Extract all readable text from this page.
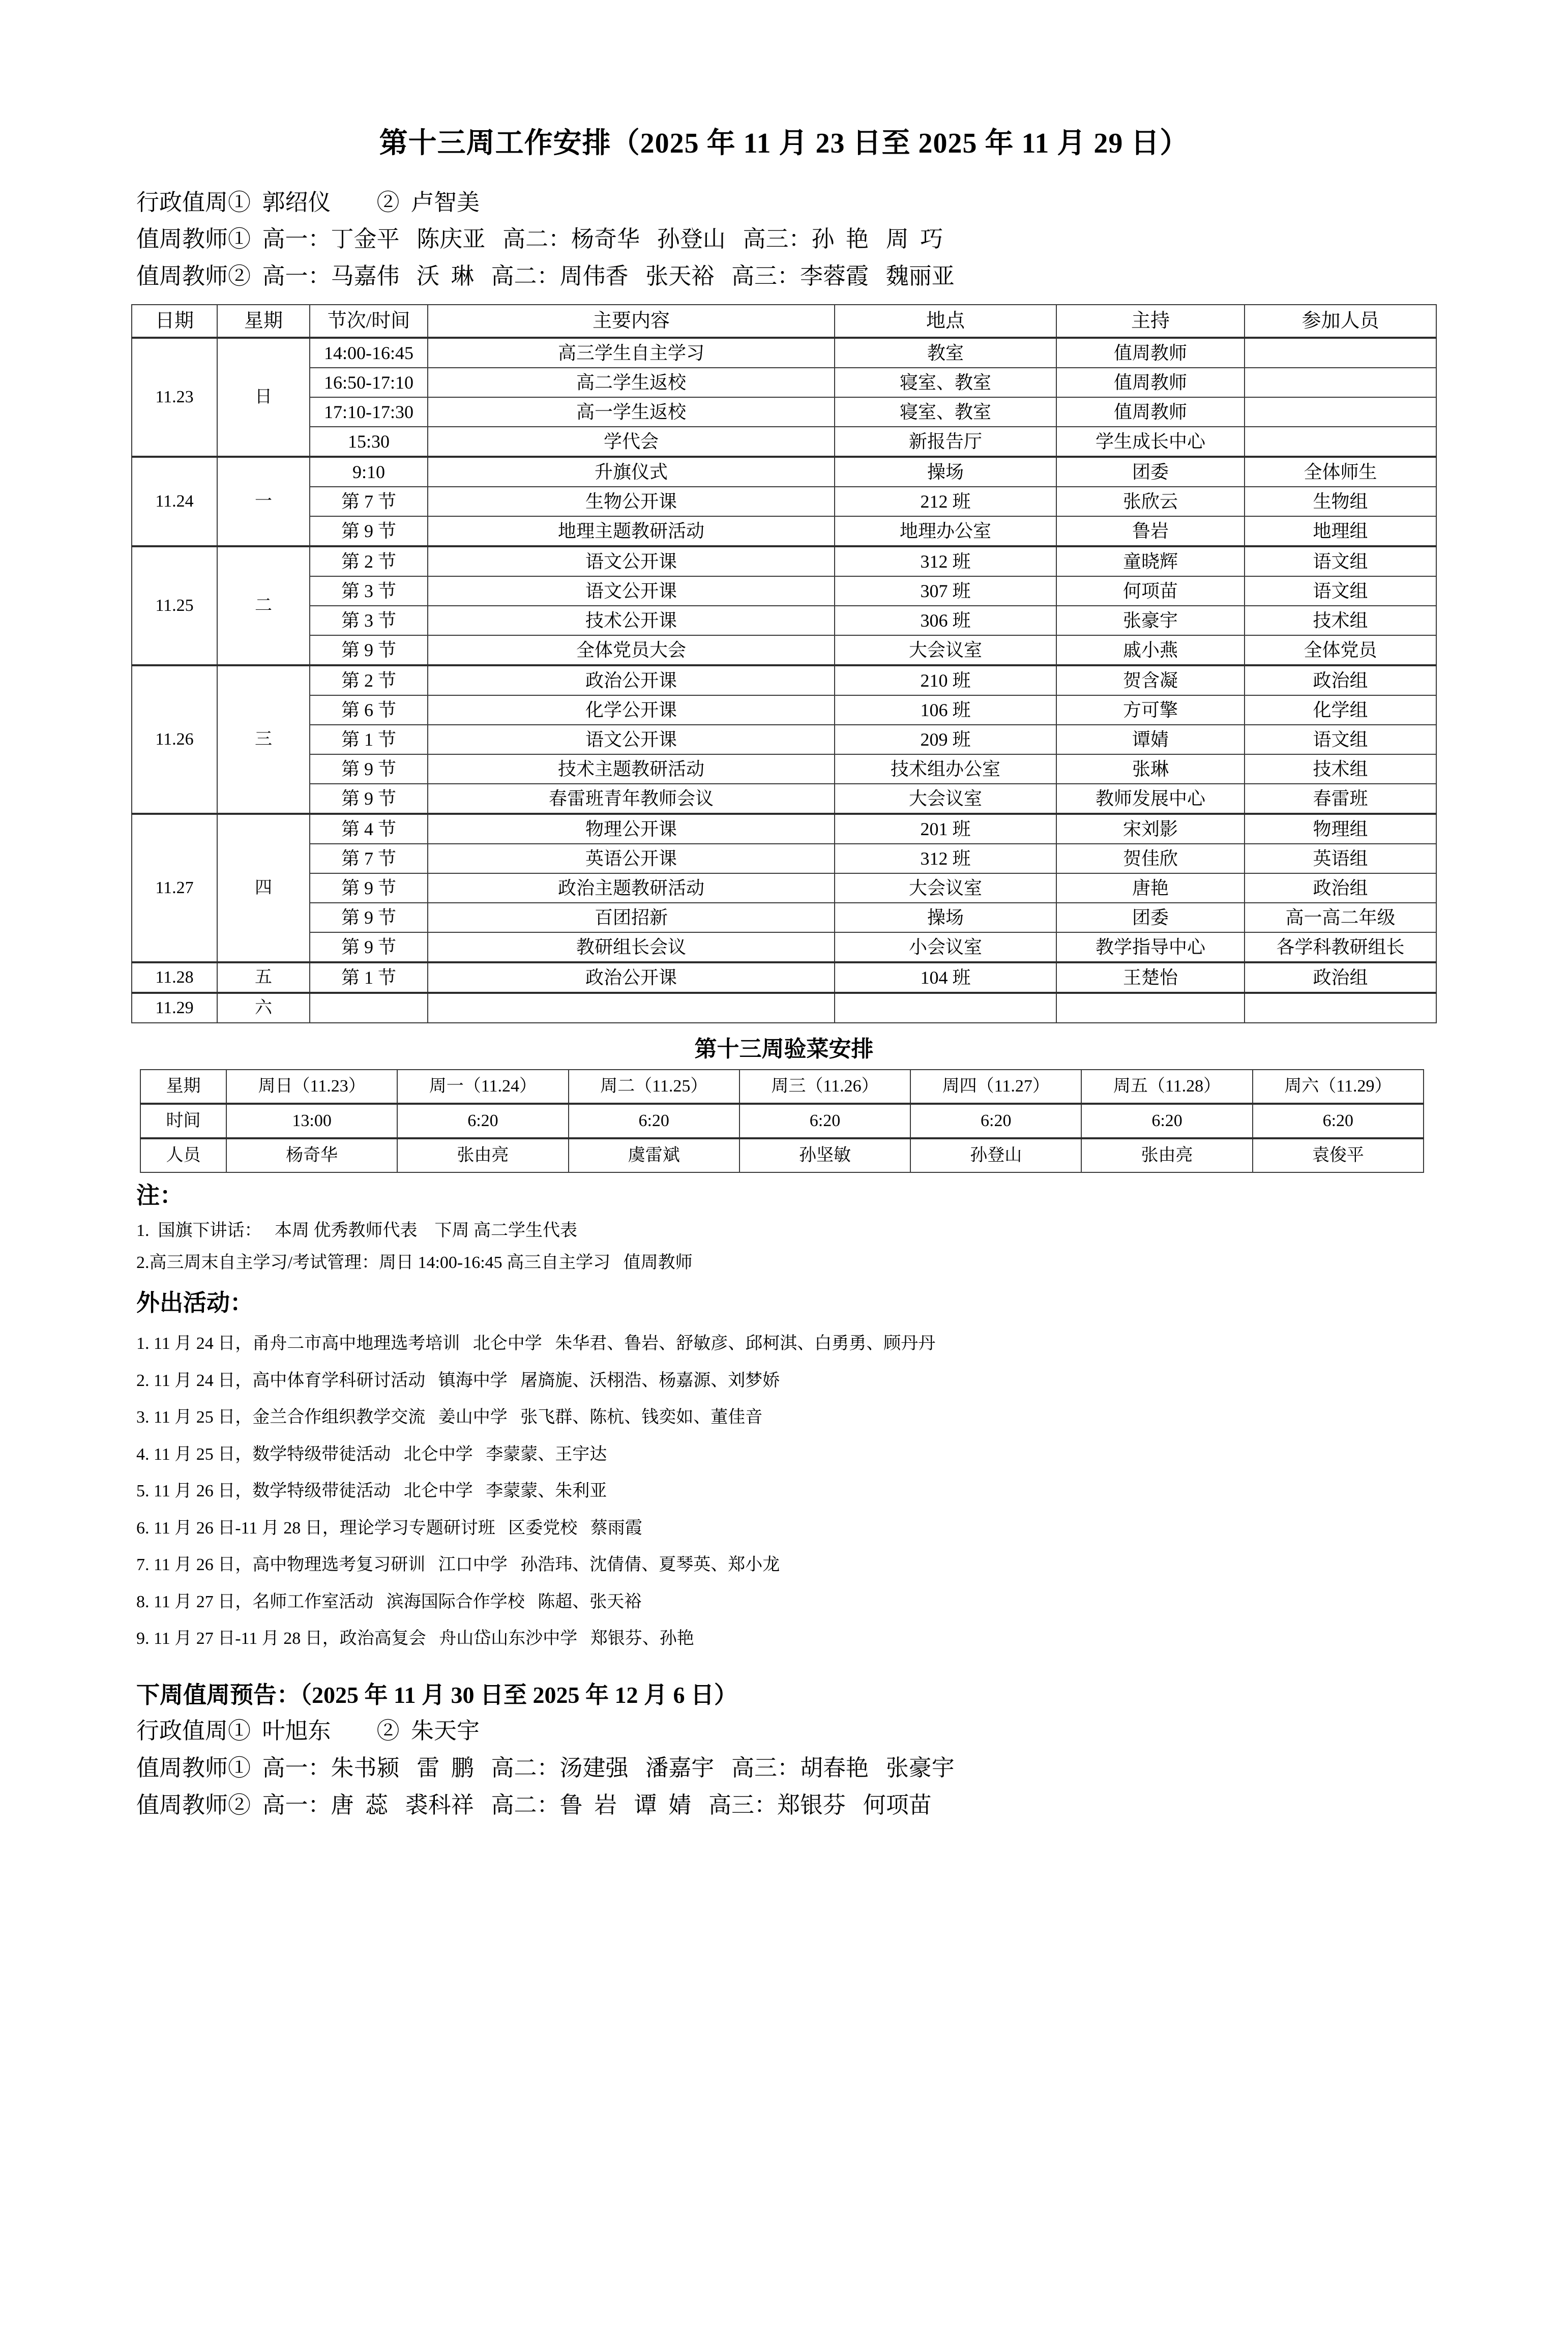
第十三周工作安排（2025 年 11 月 23 日至 2025 年 11 月 29 日）
行政值周①  郭绍仪        ②  卢智美
值周教师①  高一：丁金平   陈庆亚   高二：杨奇华   孙登山   高三：孙  艳   周  巧
值周教师②  高一：马嘉伟   沃  琳   高二：周伟香   张天裕   高三：李蓉霞   魏丽亚
日期	星期	节次/时间	主要内容	地点	主持	参加人员
11.23	日	14:00-16:45	高三学生自主学习	教室	值周教师	
		16:50-17:10	高二学生返校	寝室、教室	值周教师	
		17:10-17:30	高一学生返校	寝室、教室	值周教师	
		15:30	学代会	新报告厅	学生成长中心	
11.24	一	9:10	升旗仪式	操场	团委	全体师生
		第 7 节	生物公开课	212 班	张欣云	生物组
		第 9 节	地理主题教研活动	地理办公室	鲁岩	地理组
11.25	二	第 2 节	语文公开课	312 班	童晓辉	语文组
		第 3 节	语文公开课	307 班	何项苗	语文组
		第 3 节	技术公开课	306 班	张豪宇	技术组
		第 9 节	全体党员大会	大会议室	戚小燕	全体党员
11.26	三	第 2 节	政治公开课	210 班	贺含凝	政治组
		第 6 节	化学公开课	106 班	方可擎	化学组
		第 1 节	语文公开课	209 班	谭婧	语文组
		第 9 节	技术主题教研活动	技术组办公室	张琳	技术组
		第 9 节	春雷班青年教师会议	大会议室	教师发展中心	春雷班
11.27	四	第 4 节	物理公开课	201 班	宋刘影	物理组
		第 7 节	英语公开课	312 班	贺佳欣	英语组
		第 9 节	政治主题教研活动	大会议室	唐艳	政治组
		第 9 节	百团招新	操场	团委	高一高二年级
		第 9 节	教研组长会议	小会议室	教学指导中心	各学科教研组长
11.28	五	第 1 节	政治公开课	104 班	王楚怡	政治组
11.29	六					
第十三周验菜安排
星期	周日（11.23）	周一（11.24）	周二（11.25）	周三（11.26）	周四（11.27）	周五（11.28）	周六（11.29）
时间	13:00	6:20	6:20	6:20	6:20	6:20	6:20
人员	杨奇华	张由亮	虞雷斌	孙坚敏	孙登山	张由亮	袁俊平
注：
1.  国旗下讲话：   本周 优秀教师代表    下周 高二学生代表
2.高三周末自主学习/考试管理：周日 14:00-16:45 高三自主学习   值周教师
外出活动：
1. 11 月 24 日，甬舟二市高中地理选考培训   北仑中学   朱华君、鲁岩、舒敏彦、邱柯淇、白勇勇、顾丹丹
2. 11 月 24 日，高中体育学科研讨活动   镇海中学   屠旖旎、沃栩浩、杨嘉源、刘梦娇
3. 11 月 25 日，金兰合作组织教学交流   姜山中学   张飞群、陈杭、钱奕如、董佳音
4. 11 月 25 日，数学特级带徒活动   北仑中学   李蒙蒙、王宇达
5. 11 月 26 日，数学特级带徒活动   北仑中学   李蒙蒙、朱利亚
6. 11 月 26 日-11 月 28 日，理论学习专题研讨班   区委党校   蔡雨霞
7. 11 月 26 日，高中物理选考复习研训   江口中学   孙浩玮、沈倩倩、夏琴英、郑小龙
8. 11 月 27 日，名师工作室活动   滨海国际合作学校   陈超、张天裕
9. 11 月 27 日-11 月 28 日，政治高复会   舟山岱山东沙中学   郑银芬、孙艳
下周值周预告：（2025 年 11 月 30 日至 2025 年 12 月 6 日）
行政值周①  叶旭东        ②  朱天宇
值周教师①  高一：朱书颍   雷  鹏   高二：汤建强   潘嘉宇   高三：胡春艳   张豪宇
值周教师②  高一：唐  蕊   裘科祥   高二：鲁  岩   谭  婧   高三：郑银芬   何项苗
